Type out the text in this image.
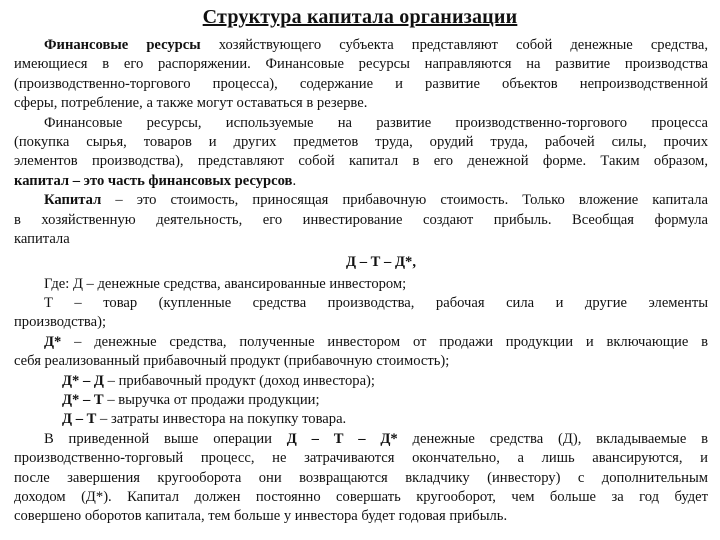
Структура капитала организации
Финансовые ресурсы хозяйствующего субъекта представляют собой денежные средства,
имеющиеся в его распоряжении. Финансовые ресурсы направляются на развитие производства
(производственно-торгового процесса), содержание и развитие объектов непроизводственной
сферы, потребление, а также могут оставаться в резерве.
Финансовые ресурсы, используемые на развитие производственно-торгового процесса
(покупка сырья, товаров и других предметов труда, орудий труда, рабочей силы, прочих
элементов производства), представляют собой капитал в его денежной форме. Таким образом,
капитал – это часть финансовых ресурсов.
Капитал – это стоимость, приносящая прибавочную стоимость. Только вложение капитала
в хозяйственную деятельность, его инвестирование создают прибыль. Всеобщая формула
капитала
Д – Т – Д*,
Где: Д – денежные средства, авансированные инвестором;
Т – товар (купленные средства производства, рабочая сила и другие элементы
производства);
Д* – денежные средства, полученные инвестором от продажи продукции и включающие в
себя реализованный прибавочный продукт (прибавочную стоимость);
Д* – Д – прибавочный продукт (доход инвестора);
Д* – Т – выручка от продажи продукции;
Д – Т – затраты инвестора на покупку товара.
В приведенной выше операции Д – Т – Д* денежные средства (Д), вкладываемые в
производственно-торговый процесс, не затрачиваются окончательно, а лишь авансируются, и
после завершения кругооборота они возвращаются вкладчику (инвестору) с дополнительным
доходом (Д*). Капитал должен постоянно совершать кругооборот, чем больше за год будет
совершено оборотов капитала, тем больше у инвестора будет годовая прибыль.
